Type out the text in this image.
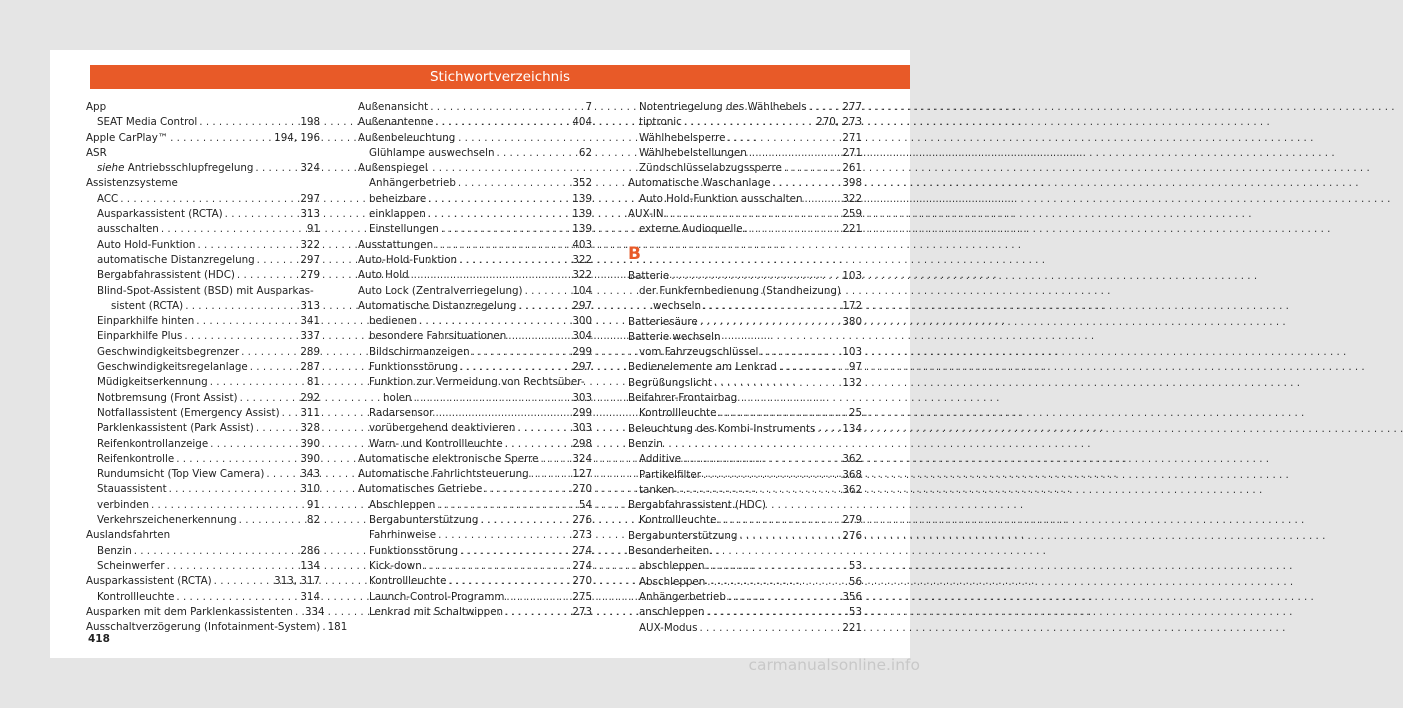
Stichwortverzeichnis
App
SEAT Media Control . . .	198
Apple CarPlay™ . . .	194, 196
ASR
siehe Antriebsschlupfregelung . . .	324
Assistenzsysteme
ACC . . .	297
Ausparkassistent (RCTA) . . .	313
ausschalten . . .	91
Auto Hold-Funktion . . .	322
automatische Distanzregelung . . .	297
Bergabfahrassistent (HDC) . . .	279
Blind-Spot-Assistent (BSD) mit Ausparkas-
sistent (RCTA) . . .	313
Einparkhilfe hinten . . .	341
Einparkhilfe Plus . . .	337
Geschwindigkeitsbegrenzer . . .	289
Geschwindigkeitsregelanlage . . .	287
Müdigkeitserkennung . . .	81
Notbremsung (Front Assist) . . .	292
Notfallassistent (Emergency Assist) . . . 311
Parklenkassistent (Park Assist) . . .	328
Reifenkontrollanzeige . . .	390
Reifenkontrolle . . .	390
Rundumsicht (Top View Camera) . . .	343
Stauassistent . . .	310
verbinden . . .	91
Verkehrszeichenerkennung . . .	82
Auslandsfahrten
Benzin . . .	286
Scheinwerfer . . .	134
Ausparkassistent (RCTA) . . .	313, 317
Kontrollleuchte . . .	314
Ausparken mit dem Parklenkassistenten . . . 334
Ausschaltverzögerung (Infotainment-System) . 181
Außenansicht . . .	7
Außenantenne . . .	404
Außenbeleuchtung
Glühlampe auswechseln . . .	62
Außenspiegel
Anhängerbetrieb . . .	352
beheizbare . . .	139
einklappen . . .	139
Einstellungen . . .	139
Ausstattungen . . .	403
Auto-Hold-Funktion . . .	322
Auto Hold . . .	322
Auto Lock (Zentralverriegelung) . . .	104
Automatische Distanzregelung . . .	297
bedienen . . .	300
besondere Fahrsituationen . . .	304
Bildschirmanzeigen . . .	299
Funktionsstörung . . .	297
Funktion zur Vermeidung von Rechtsüber-
holen . . .	303
Radarsensor . . .	299
vorübergehend deaktivieren . . .	303
Warn- und Kontrollleuchte . . .	298
Automatische elektronische Sperre . . .	324
Automatische Fahrlichtsteuerung . . .	127
Automatisches Getriebe . . .	270
Abschleppen . . .	54
Bergabunterstützung . . .	276
Fahrhinweise . . .	273
Funktionsstörung . . .	274
Kick-down . . .	274
Kontrollleuchte . . .	270
Launch-Control-Programm . . .	275
Lenkrad mit Schaltwippen . . .	273
Notentriegelung des Wählhebels . . .	277
tiptronic . . .	270, 273
Wählhebelsperre . . .	271
Wählhebelstellungen . . .	271
Zündschlüsselabzugssperre . . .	261
Automatische Waschanlage . . .	398
Auto Hold-Funktion ausschalten . . .	322
AUX-IN . . .	259
externe Audioquelle . . .	221
B
Batterie . . .	103
der Funkfernbedienung (Standheizung)
wechseln . . .	172
Batteriesäure . . .	380
Batterie wechseln
vom Fahrzeugschlüssel . . .	103
Bedienelemente am Lenkrad . . .	97
Begrüßungslicht . . .	132
Beifahrer-Frontairbag
Kontrollleuchte . . .	25
Beleuchtung des Kombi-Instruments . . .	134
Benzin
Additive . . .	362
Partikelfilter . . .	368
tanken . . .	362
Bergabfahrassistent (HDC)
Kontrollleuchte . . .	279
Bergabunterstützung . . .	276
Besonderheiten
abschleppen . . .	53
Abschleppen . . .	56
Anhängerbetrieb . . .	356
anschleppen . . .	53
AUX-Modus . . .	221
418
carmanualsonline.info
